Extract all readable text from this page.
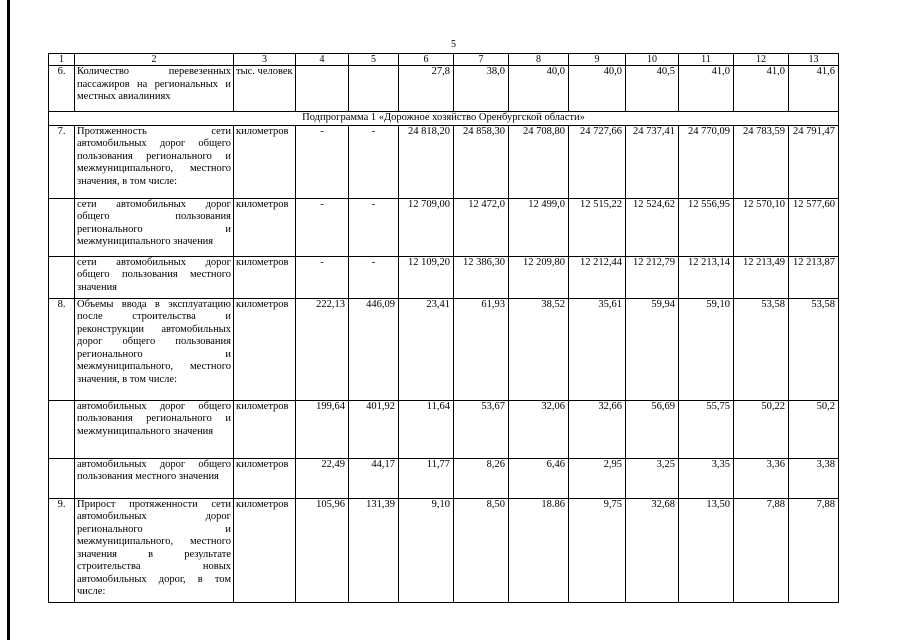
5
1	2	3	4	5	6	7	8	9	10	11	12	13
6.	Количество перевезенных пассажиров на региональных и местных авиалиниях	тыс. человек			27,8	38,0	40,0	40,0	40,5	41,0	41,0	41,6
Подпрограмма 1 «Дорожное хозяйство Оренбургской области»												
7.	Протяженность сети автомобильных дорог общего пользования регионального и межмуниципального, местного значения, в том числе:	километров	-	-	24 818,20	24 858,30	24 708,80	24 727,66	24 737,41	24 770,09	24 783,59	24 791,47
	сети автомобильных дорог общего пользования регионального и межмуниципального значения	километров	-	-	12 709,00	12 472,0	12 499,0	12 515,22	12 524,62	12 556,95	12 570,10	12 577,60
	сети автомобильных дорог общего пользования местного значения	километров	-	-	12 109,20	12 386,30	12 209,80	12 212,44	12 212,79	12 213,14	12 213,49	12 213,87
8.	Объемы ввода в эксплуатацию после строительства и реконструкции автомобильных дорог общего пользования регионального и межмуниципального, местного значения, в том числе:	километров	222,13	446,09	23,41	61,93	38,52	35,61	59,94	59,10	53,58	53,58
	автомобильных дорог общего пользования регионального и межмуниципального значения	километров	199,64	401,92	11,64	53,67	32,06	32,66	56,69	55,75	50,22	50,2
	автомобильных дорог общего пользования местного значения	километров	22,49	44,17	11,77	8,26	6,46	2,95	3,25	3,35	3,36	3,38
9.	Прирост протяженности сети автомобильных дорог регионального и межмуниципального, местного значения в результате строительства новых автомобильных дорог, в том числе:	километров	105,96	131,39	9,10	8,50	18.86	9,75	32,68	13,50	7,88	7,88
